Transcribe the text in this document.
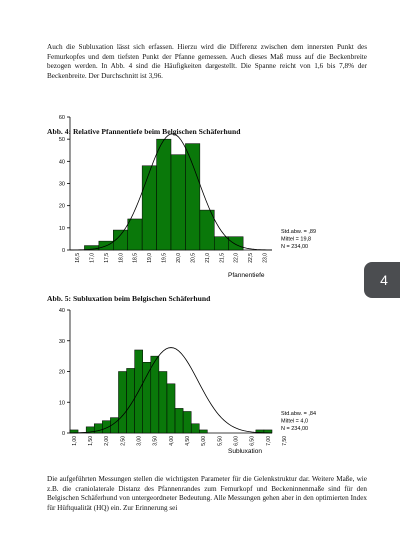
Auch die Subluxation lässt sich erfassen. Hierzu wird die Differenz zwischen dem innersten Punkt des Femurkopfes und dem tiefsten Punkt der Pfanne gemessen. Auch dieses Maß muss auf die Beckenbreite bezogen werden. In Abb. 4 sind die Häufigkeiten dargestellt. Die Spanne reicht von 1,6 bis 7,8% der Beckenbreite. Der Durchschnitt ist 3,96.

Abb. 4: Relative Pfannentiefe beim Belgischen Schäferhund
0
10
20
30
40
50
60
16,5 17,0 17,5 18,0 18,5 19,0 19,5 20,0 20,5 21,0 21,5 22,0 22,5 23,0
Std.abw. = ,89
Mittel = 19,8
N = 234,00
Pfannentiefe
Abb. 5: Subluxation beim Belgischen Schäferhund
0
10
20
30
40
1,00 1,50 2,00 2,50 3,00 3,50 4,00 4,50 5,00 5,50 6,00 6,50 7,00 7,50
Std.abw. = ,84
Mittel = 4,0
N = 234,00
Subluxation

Die aufgeführten Messungen stellen die wichtigsten Parameter für die Gelenkstruktur dar. Weitere Maße, wie z.B. die craniolaterale Distanz des Pfannenrandes zum Femurkopf und Beckeninnenmaße sind für den Belgischen Schäferhund von untergeordneter Bedeutung. Alle Messungen gehen aber in den optimierten Index für Hüftqualität (HQ) ein. Zur Erinnerung sei

4
